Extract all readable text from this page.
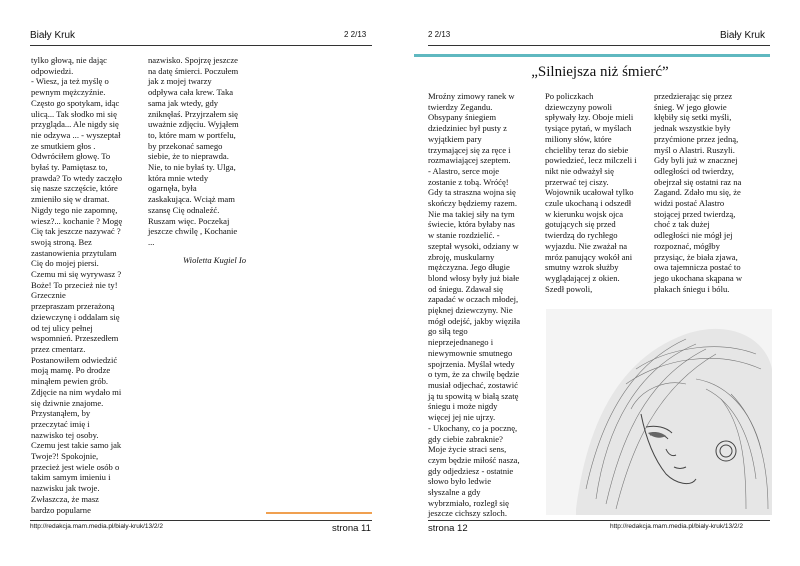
Biały Kruk	2 2/13
tylko głową, nie dając
odpowiedzi.
- Wiesz, ja też myślę o
pewnym mężczyźnie.
Często go spotykam, idąc
ulicą... Tak słodko mi się
przygląda... Ale nigdy się
nie odzywa ... - wyszeptał
ze smutkiem głos .
Odwróciłem głowę. To
byłaś ty. Pamiętasz to,
prawda? To wtedy zaczęło
się nasze szczęście, które
zmieniło się w dramat.
Nigdy tego nie zapomnę,
wiesz?... kochanie ? Mogę
Cię tak jeszcze nazywać ?
swoją stroną. Bez
zastanowienia przytulam
Cię do mojej piersi.
Czemu mi się wyrywasz ?
Boże! To przecież nie ty!
Grzecznie
przepraszam przerażoną
dziewczynę i oddalam się
od tej ulicy pełnej
wspomnień. Przeszedłem
przez cmentarz.
Postanowiłem odwiedzić
moją mamę. Po drodze
minąłem pewien grób.
Zdjęcie na nim wydało mi
się dziwnie znajome.
Przystanąłem, by
przeczytać imię i
nazwisko tej osoby.
Czemu jest takie samo jak
Twoje?! Spokojnie,
przecież jest wiele osób o
takim samym imieniu i
nazwisku jak twoje.
Zwłaszcza, że masz
bardzo popularne
nazwisko. Spojrzę jeszcze
na datę śmierci. Poczułem
jak z mojej twarzy
odpływa cała krew. Taka
sama jak wtedy, gdy
zniknęłaś. Przyjrzałem się
uważnie zdjęciu. Wyjąłem
to, które mam w portfelu,
by przekonać samego
siebie, że to nieprawda.
Nie, to nie byłaś ty. Ulga,
która mnie wtedy
ogarnęła, była
zaskakująca. Wciąż mam
szansę Cię odnaleźć.
Ruszam więc. Poczekaj
jeszcze chwilę , Kochanie
...
Wioletta Kugiel Io
http://redakcja.mam.media.pl/bialy-kruk/13/2/2	strona 11
2 2/13	Biały Kruk
„Silniejsza niż śmierć”
Mroźny zimowy ranek w
twierdzy Zegandu.
Obsypany śniegiem
dziedziniec był pusty z
wyjątkiem pary
trzymającej się za ręce i
rozmawiającej szeptem.
- Alastro, serce moje
zostanie z tobą. Wróćę!
Gdy ta straszna wojna się
skończy będziemy razem.
Nie ma takiej siły na tym
świecie, która byłaby nas
w stanie rozdzielić. -
szeptał wysoki, odziany w
zbroję, muskularny
mężczyzna. Jego długie
blond włosy były już białe
od śniegu. Zdawał się
zapadać w oczach młodej,
pięknej dziewczyny. Nie
mógł odejść, jakby więziła
go siłą tego
nieprzejednanego i
niewymownie smutnego
spojrzenia. Myślał wtedy
o tym, że za chwilę będzie
musiał odjechać, zostawić
ją tu spowitą w białą szatę
śniegu i może nigdy
więcej jej nie ujrzy.
- Ukochany, co ja pocznę,
gdy ciebie zabraknie?
Moje życie straci sens,
czym będzie miłość nasza,
gdy odjedziesz - ostatnie
słowo było ledwie
słyszalne a gdy
wybrzmiało, rozległ się
jeszcze cichszy szloch.
Po policzkach
dziewczyny powoli
spływały łzy. Oboje mieli
tysiące pytań, w myślach
miliony słów, które
chcieliby teraz do siebie
powiedzieć, lecz milczeli i
nikt nie odważył się
przerwać tej ciszy.
Wojownik ucałował tylko
czule ukochaną i odszedł
w kierunku wojsk ojca
gotujących się przed
twierdzą do rychłego
wyjazdu. Nie zważał na
mróz panujący wokół ani
smutny wzrok służby
wyglądającej z okien.
Szedł powoli,
przedzierając się przez
śnieg. W jego głowie
kłębiły się setki myśli,
jednak wszystkie były
przyćmione przez jedną,
myśl o Alastri. Ruszyli.
Gdy byli już w znacznej
odległości od twierdzy,
obejrzał się ostatni raz na
Zagand. Zdało mu się, że
widzi postać Alastro
stojącej przed twierdzą,
choć z tak dużej
odległości nie mógł jej
rozpoznać, mógłby
przysiąc, że biała zjawa,
owa tajemnicza postać to
jego ukochana skąpana w
płakach śniegu i bólu.
strona 12	http://redakcja.mam.media.pl/bialy-kruk/13/2/2
